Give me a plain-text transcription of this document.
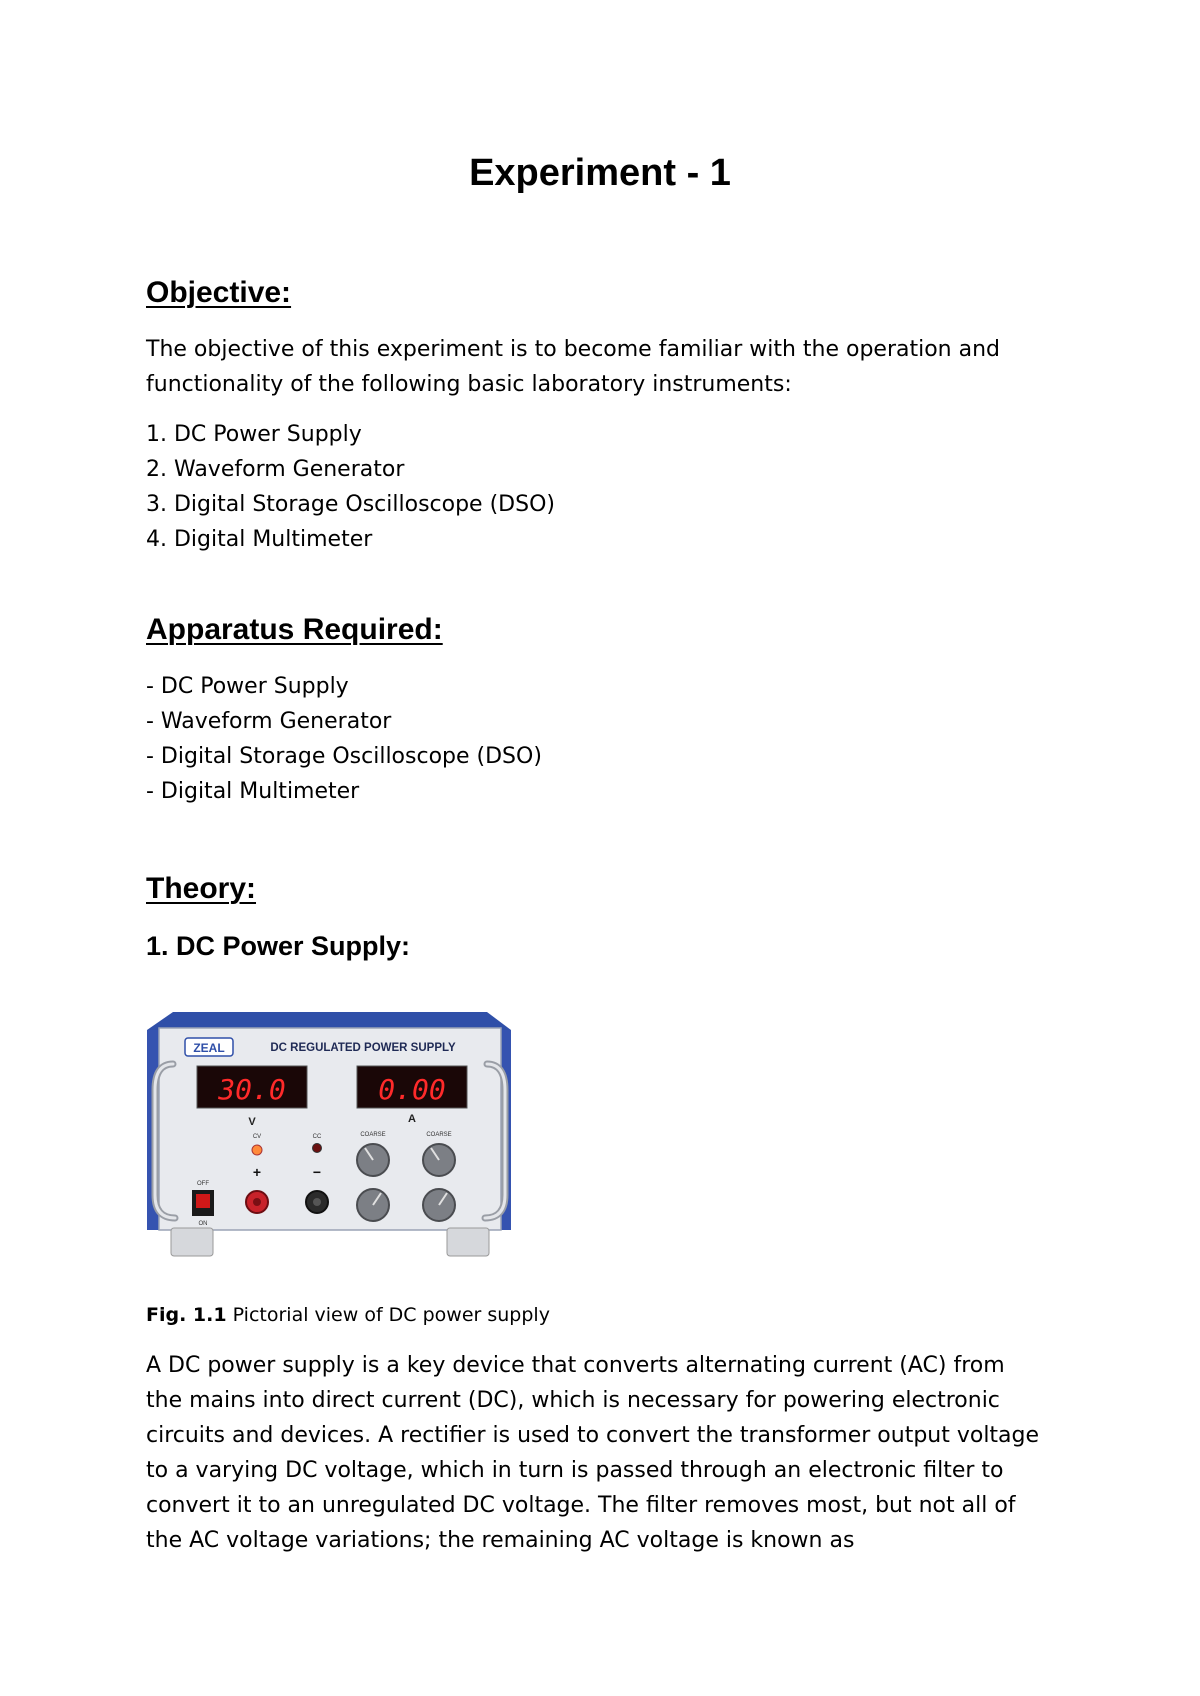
Experiment - 1
Objective:

The objective of this experiment is to become familiar with the operation and functionality of the following basic laboratory instruments:

1. DC Power Supply
2. Waveform Generator
3. Digital Storage Oscilloscope (DSO)
4. Digital Multimeter
Apparatus Required:
- DC Power Supply
- Waveform Generator
- Digital Storage Oscilloscope (DSO)
- Digital Multimeter
Theory:
1. DC Power Supply:
ZEAL	DC REGULATED POWER SUPPLY
30.0	0.00
V	A
CV	CC	COARSE	COARSE
+	−
OFF
ON

Fig. 1.1 Pictorial view of DC power supply

A DC power supply is a key device that converts alternating current (AC) from the mains into direct current (DC), which is necessary for powering electronic circuits and devices. A rectifier is used to convert the transformer output voltage to a varying DC voltage, which in turn is passed through an electronic filter to convert it to an unregulated DC voltage. The filter removes most, but not all of the AC voltage variations; the remaining AC voltage is known as
